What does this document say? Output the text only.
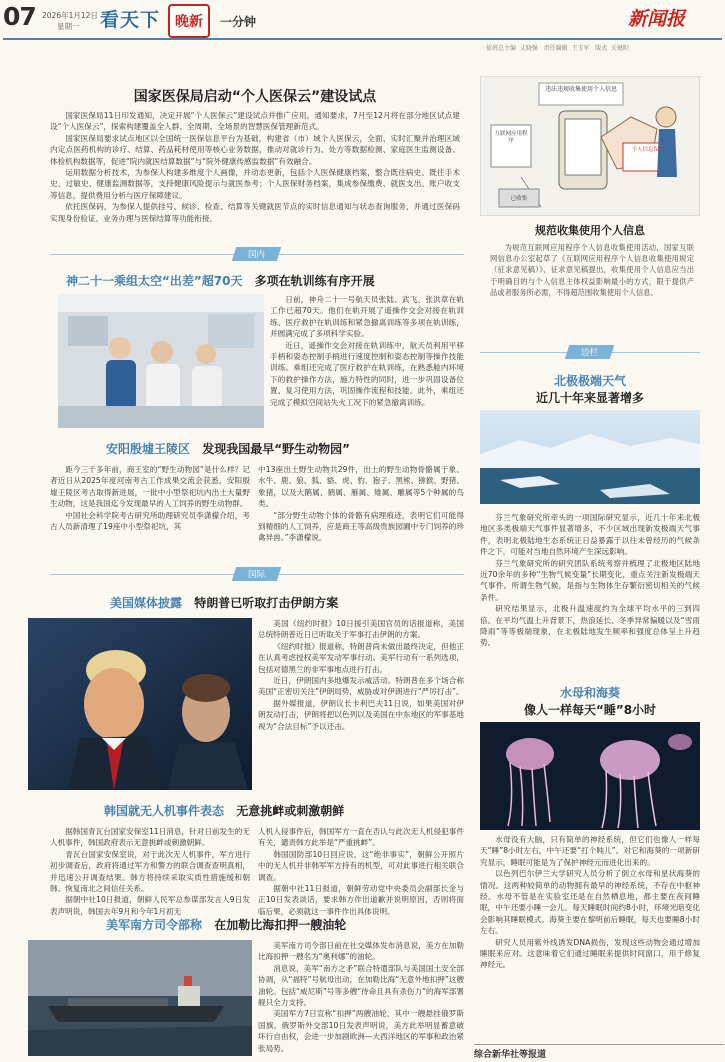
07 2026年1月12日
星期一 看天下 晚新 一分钟	新闻报
值班总主编  丈晓强   责任编辑  王玉军   版式  关键阳
国家医保局启动“个人医保云”建设试点

国家医保局11日印发通知，决定开展“个人医保云”建设试点并推广应用。通知要求，7月至12月将在部分地区试点建设“个人医保云”，探索构建覆盖全人群、全周期、全场景的智慧医保管理新范式。

国家医保局要求试点地区以全国统一医保信息平台为基础，构建省（市）域个人医保云，全面、实时汇聚并治理区域内定点医药机构的诊疗、结算、药品耗材使用等核心业务数据，推动对就诊行为、处方等数据检测、家庭医生监测设备、体检机构数据等，促进“院内就医结算数据”与“院外健康传感监数据”有效融合。

运用数据分析技术，为参保人构建多维度个人画像，并动态更新，包括个人医保健康档案，整合既往病史、既往手术史、过敏史、健康监测数据等，支持健康风险提示与就医参考；个人医保财务档案，集成参保缴费、就医支出、账户收支等信息，提供费用分析与医疗保障建议。

依托医保码，为参保人提供挂号、候诊、检查、结算等关键就医节点的实时信息通知与状态查询服务，并通过医保码实现身份验证、业务办理与医保结算等功能衔接。

违法违规收集使用个人信息
互联网应用程序
个人信息保护
已收集
规范收集使用个人信息
为规范互联网应用程序个人信息收集使用活动，国家互联网信息办公室起草了《互联网应用程序个人信息收集使用规定（征求意见稿）》，征求意见稿提出，收集使用个人信息应当出于明确目的与个人信息主体权益影响最小的方式，限于提供产品或者服务所必需，不得超范围收集使用个人信息。
国内
神二十一乘组太空“出差”超70天 多项在轨训练有序开展

日前，神舟二十一号航天员张陆、武飞、张洪章在轨工作已超70天。他们在轨开展了遥操作交会对接在轨训练、医疗救护在轨训练和紧急撤离训练等多项在轨训练，并圆满完成了多项科学实验。

近日，遥操作交会对接在轨训练中，航天员利用平移手柄和姿态控制手柄进行速度控制和姿态控制等操作技能训练。乘组还完成了医疗救护在轨训练，在熟悉舱内环境下的救护操作方法，施力特性的同时，进一步巩固设备位置、复习使用方法，巩固操作流程和技能。此外，乘组还完成了模拟空间站失火工况下的紧急撤离训练。

安阳殷墟王陵区 发现我国最早“野生动物园”

距今三千多年前，商王室的“野生动物园”是什么样？记者近日从2025年度河南考古工作成果交流会获悉，安阳殷墟王陵区考古取得新进展，一批中小型祭祀坑内出土大量野生动物，这是我国迄今发现最早的人工饲养的野生动物群。

中国社会科学院考古研究所助理研究员李潇檬介绍，考古人员新清理了19座中小型祭祀坑，其

中13座出土野生动物共29件，出土的野生动物骨骼属于象、水牛、鹿、狼、狐、貉、虎、豹、狍子、黑熊、猕猴、野猪、象猪，以及大鹅属、鹤属、雁属、雉属、雕属等5个种属的鸟类。

“部分野生动物个体的骨骼有病理痕迹，表明它们可能得到精细的人工饲养，应是商王等高级贵族园圃中专门饲养的珍禽异兽。”李潇檬说。

国际
美国媒体披露 特朗普已听取打击伊朗方案

美国《纽约时报》10日援引美国官员的话报道称，美国总统特朗普近日已听取关于军事打击伊朗的方案。

《纽约时报》报道称，特朗普尚未做出最终决定，但他正在认真考虑授权美军发动军事行动。美军行动有一系列选项，包括对德黑兰的非军事地点进行打击。

近日，伊朗国内多地爆发示威活动。特朗普在多个场合称美国“正密切关注”伊朗局势，威胁或对伊朗进行“严厉打击”。

据外媒报道，伊朗议长卡利巴夫11日说，如果美国对伊朗发动打击，伊朗将把以色列以及美国在中东地区的军事基地视为“合法目标”予以还击。

韩国就无人机事件表态 无意挑衅或刺激朝鲜

据韩国青瓦台国家安保室11日消息，针对日前发生的无人机事件，韩国政府表示无意挑衅或刺激朝鲜。

青瓦台国家安保室说，对于此次无人机事件，军方进行初步调查后，政府将通过军方和警方的联合调查查明真相，并迅速公开调查结果。韩方将持续采取实质性措施缓和朝韩、恢复南北之间信任关系。

据朝中社10日报道，朝鲜人民军总参谋部发言人9日发表声明说，韩国去年9月和今年1月初无

人机入侵事件后，韩国军方一直在否认与此次无人机侵犯事件有关，谴责韩方此举是“严重挑衅”。

韩国国防部10日回应说，这“绝非事实”，朝鲜公开照片中的无人机并非韩军军方持有的机型，可对此事进行相关联合调查。

据朝中社11日报道，朝鲜劳动党中央委员会副部长金与正10日发表谈话，要求韩方作出道歉并说明原因，否则将面临后果，必须就这一事件作出具体说明。

美军南方司令部称 在加勒比海扣押一艘油轮

美军南方司令部日前在社交媒体发布消息说，美方在加勒比海扣押一艘名为“奥利娜”的油轮。

消息说，美军“南方之矛”联合特遣部队与美国国土安全部协调，从“福特”号航母出动，在加勒比海“无意外地扣押”这艘油轮。包括“威尼斯”号等多艘“待命且具有杀伤力”的海军部署舰只全力支持。

美国军方7日宣称“扣押”两艘油轮，其中一艘悬挂俄罗斯国旗。俄罗斯外交部10日发表声明说，美方此举明显蓄意破坏行自由权，会进一步加剧欧洲—大西洋地区的军事和政治紧张局势。

边栏
北极极端天气
近几十年来显著增多

芬兰气象研究所牵头的一项国际研究显示，近几十年来北极地区多类极端天气事件显著增多，不少区域出现新发极端天气事件，表明北极陆地生态系统正日益暴露于以往未曾经历的气候条件之下，可能对当地自然环境产生深远影响。

芬兰气象研究所的研究团队系统考察并梳理了北极地区陆地近70余年的多种“生物气候变量”长期变化，重点关注新发极端天气事件。所谓生物气候，是指与生物体生存繁衍密切相关的气候条件。

研究结果显示，北极升温速度约为全球平均水平的三到四倍。在平均气温上升背景下，热浪延长、冬季异常偏暖以及“雪雨降雨”等等极端现象，在北极陆地发生频率和强度总体呈上升趋势。

水母和海葵
像人一样每天“睡”8小时

水母没有大脑，只有简单的神经系统，但它们也像人一样每天“睡”8小时左右，中午还要“打个盹儿”。对它和海葵的一项新研究显示，睡眠可能是为了保护神经元而进化出来的。

以色列巴尔伊兰大学研究人员分析了倒立水母和星状海葵的情况。这两种较简单的动物拥有最早的神经系统，不存在中枢神经。水母不管是在实验室还是在自然栖息地，都主要在夜间睡眠，中午还要小睡一会儿。每天睡眠时间约8小时，环境光暗变化会影响其睡眠模式。海葵主要在黎明前后睡眠，每天也要睡8小时左右。

研究人员用紫外线诱发DNA损伤，发现这些动物会通过增加睡眠来应对。这意味着它们通过睡眠来提供时间窗口，用于修复神经元。

综合新华社等报道
